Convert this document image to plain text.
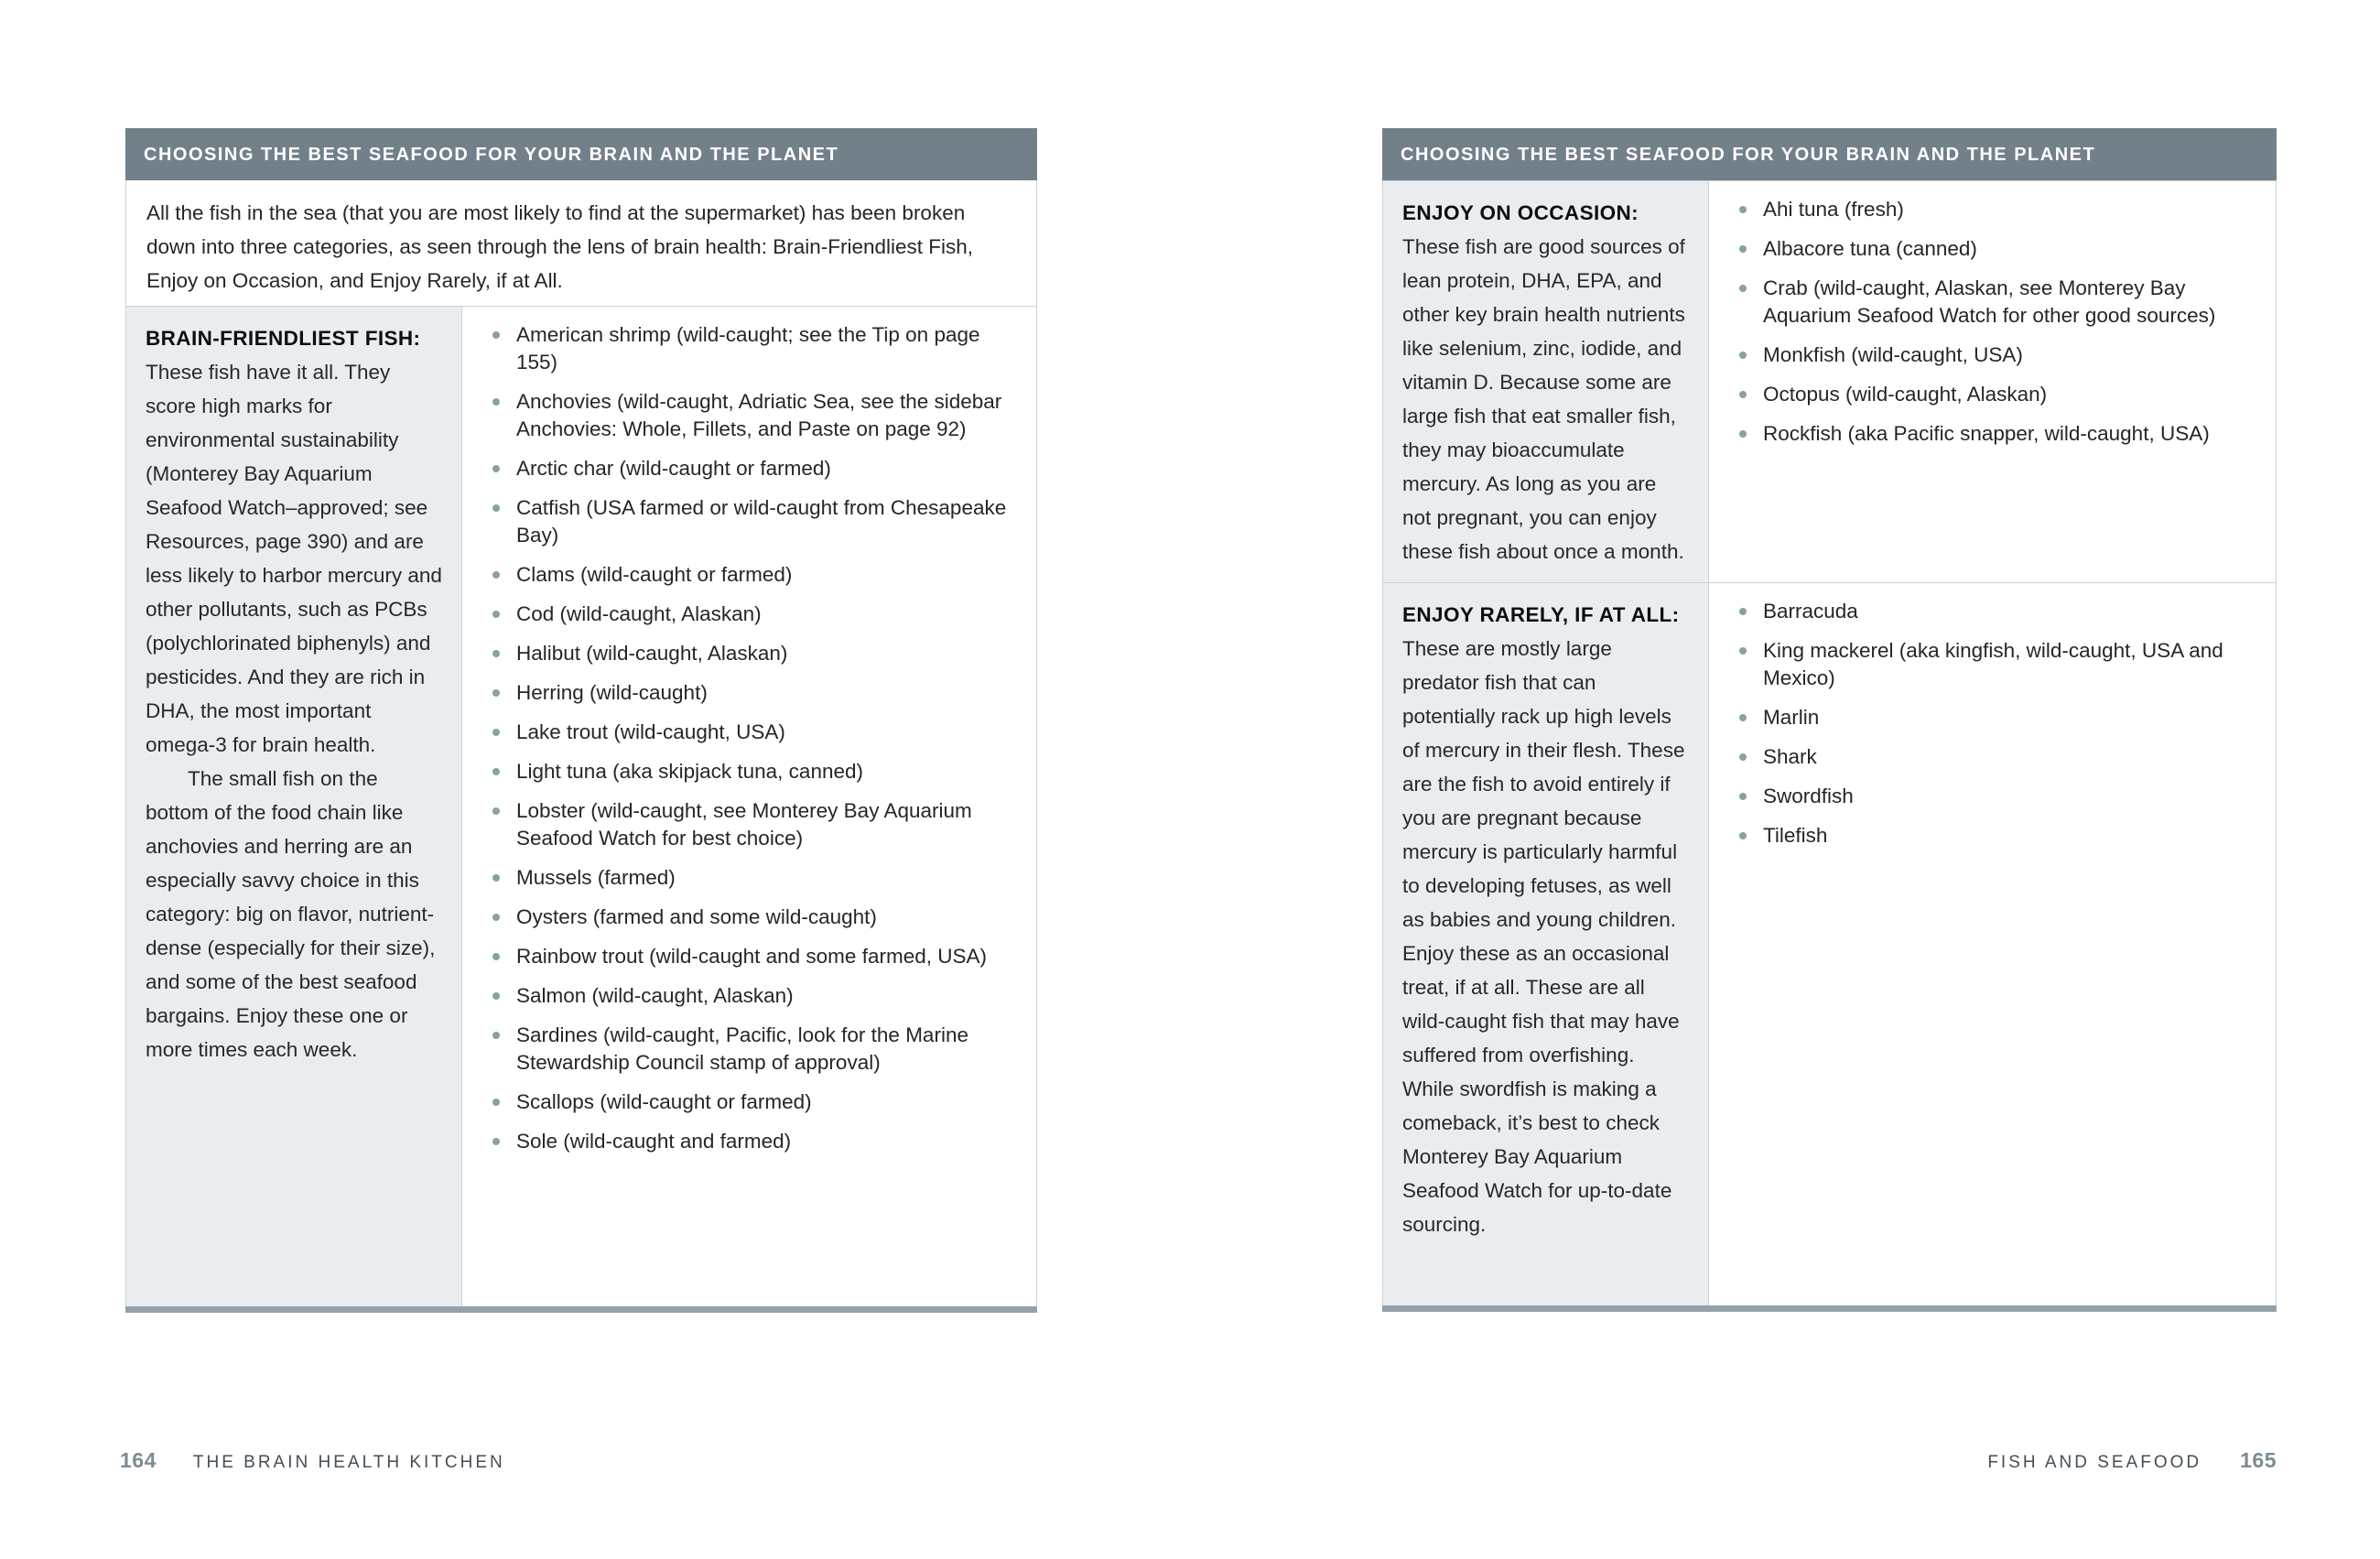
CHOOSING THE BEST SEAFOOD FOR YOUR BRAIN AND THE PLANET
All the fish in the sea (that you are most likely to find at the supermarket) has been broken down into three categories, as seen through the lens of brain health: Brain-Friendliest Fish, Enjoy on Occasion, and Enjoy Rarely, if at All.

BRAIN-FRIENDLIEST FISH: These fish have it all. They score high marks for environmental sustainability (Monterey Bay Aquarium Seafood Watch–approved; see Resources, page 390) and are less likely to harbor mercury and other pollutants, such as PCBs (polychlorinated biphenyls) and pesticides. And they are rich in DHA, the most important omega-3 for brain health.

The small fish on the bottom of the food chain like anchovies and herring are an especially savvy choice in this category: big on flavor, nutrient-dense (especially for their size), and some of the best seafood bargains. Enjoy these one or more times each week.

American shrimp (wild-caught; see the Tip on page 155)
Anchovies (wild-caught, Adriatic Sea, see the sidebar Anchovies: Whole, Fillets, and Paste on page 92)
Arctic char (wild-caught or farmed)
Catfish (USA farmed or wild-caught from Chesapeake Bay)
Clams (wild-caught or farmed)
Cod (wild-caught, Alaskan)
Halibut (wild-caught, Alaskan)
Herring (wild-caught)
Lake trout (wild-caught, USA)
Light tuna (aka skipjack tuna, canned)
Lobster (wild-caught, see Monterey Bay Aquarium Seafood Watch for best choice)
Mussels (farmed)
Oysters (farmed and some wild-caught)
Rainbow trout (wild-caught and some farmed, USA)
Salmon (wild-caught, Alaskan)
Sardines (wild-caught, Pacific, look for the Marine Stewardship Council stamp of approval)
Scallops (wild-caught or farmed)
Sole (wild-caught and farmed)
CHOOSING THE BEST SEAFOOD FOR YOUR BRAIN AND THE PLANET

ENJOY ON OCCASION: These fish are good sources of lean protein, DHA, EPA, and other key brain health nutrients like selenium, zinc, iodide, and vitamin D. Because some are large fish that eat smaller fish, they may bioaccumulate mercury. As long as you are not pregnant, you can enjoy these fish about once a month.

Ahi tuna (fresh)
Albacore tuna (canned)
Crab (wild-caught, Alaskan, see Monterey Bay Aquarium Seafood Watch for other good sources)
Monkfish (wild-caught, USA)
Octopus (wild-caught, Alaskan)
Rockfish (aka Pacific snapper, wild-caught, USA)

ENJOY RARELY, IF AT ALL: These are mostly large predator fish that can potentially rack up high levels of mercury in their flesh. These are the fish to avoid entirely if you are pregnant because mercury is particularly harmful to developing fetuses, as well as babies and young children. Enjoy these as an occasional treat, if at all. These are all wild-caught fish that may have suffered from overfishing. While swordfish is making a comeback, it’s best to check Monterey Bay Aquarium Seafood Watch for up-to-date sourcing.

Barracuda
King mackerel (aka kingfish, wild-caught, USA and Mexico)
Marlin
Shark
Swordfish
Tilefish
164 THE BRAIN HEALTH KITCHEN	FISH AND SEAFOOD 165
